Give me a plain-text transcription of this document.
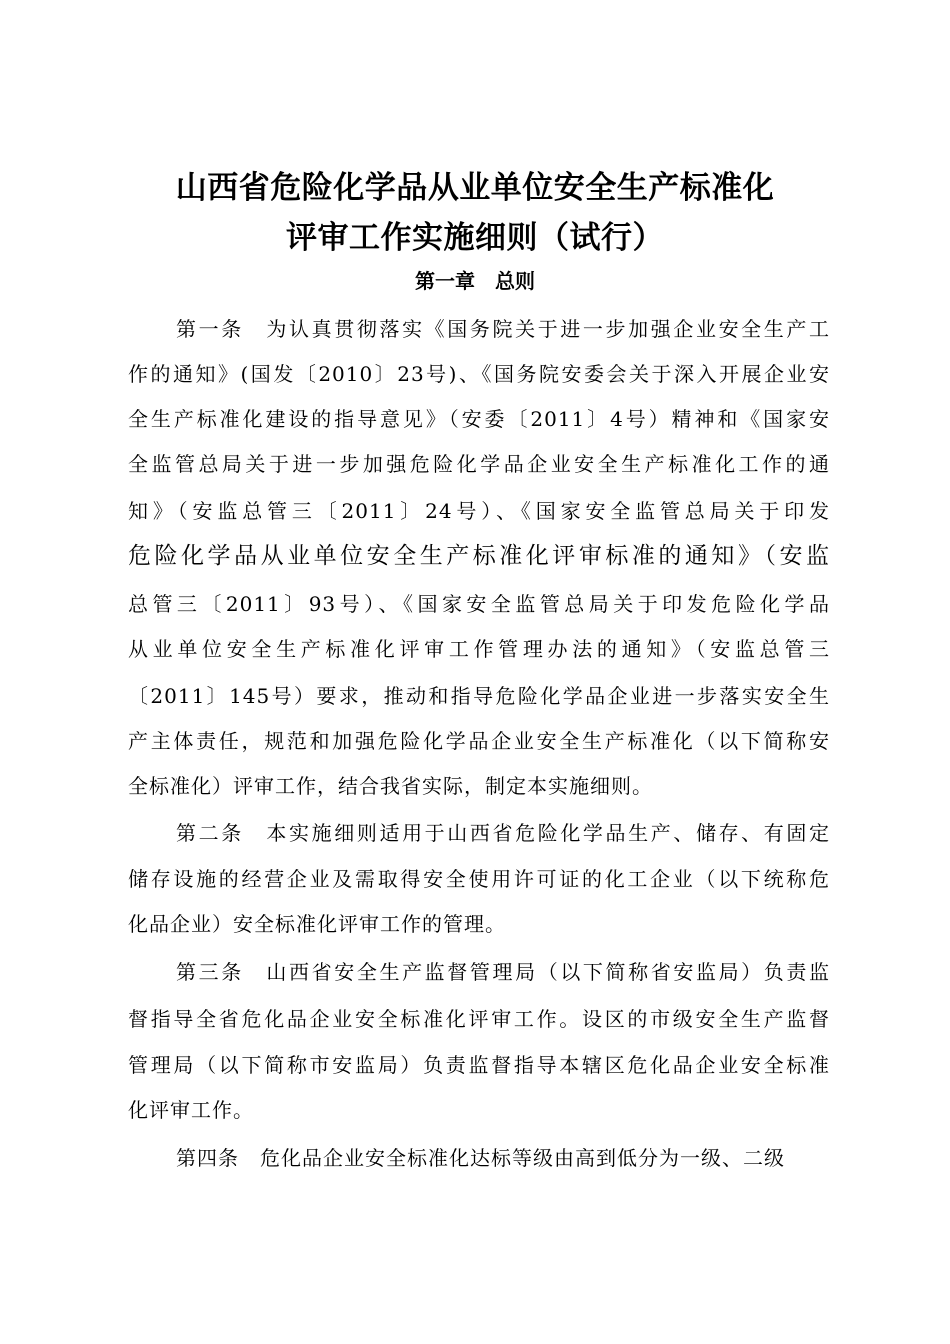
山西省危险化学品从业单位安全生产标准化
评审工作实施细则（试行）
第一章　总则
第一条　为认真贯彻落实《国务院关于进一步加强企业安全生产工
作的通知》(国发〔2010〕23号)、《国务院安委会关于深入开展企业安
全生产标准化建设的指导意见》（安委〔2011〕4号）精神和《国家安
全监管总局关于进一步加强危险化学品企业安全生产标准化工作的通
知》（安监总管三〔2011〕24号）、《国家安全监管总局关于印发
危险化学品从业单位安全生产标准化评审标准的通知》（安监
总管三〔2011〕93号）、《国家安全监管总局关于印发危险化学品
从业单位安全生产标准化评审工作管理办法的通知》（安监总管三
〔2011〕145号）要求，推动和指导危险化学品企业进一步落实安全生
产主体责任，规范和加强危险化学品企业安全生产标准化（以下简称安
全标准化）评审工作，结合我省实际，制定本实施细则。
第二条　本实施细则适用于山西省危险化学品生产、储存、有固定
储存设施的经营企业及需取得安全使用许可证的化工企业（以下统称危
化品企业）安全标准化评审工作的管理。
第三条　山西省安全生产监督管理局（以下简称省安监局）负责监
督指导全省危化品企业安全标准化评审工作。设区的市级安全生产监督
管理局（以下简称市安监局）负责监督指导本辖区危化品企业安全标准
化评审工作。
第四条　危化品企业安全标准化达标等级由高到低分为一级、二级
